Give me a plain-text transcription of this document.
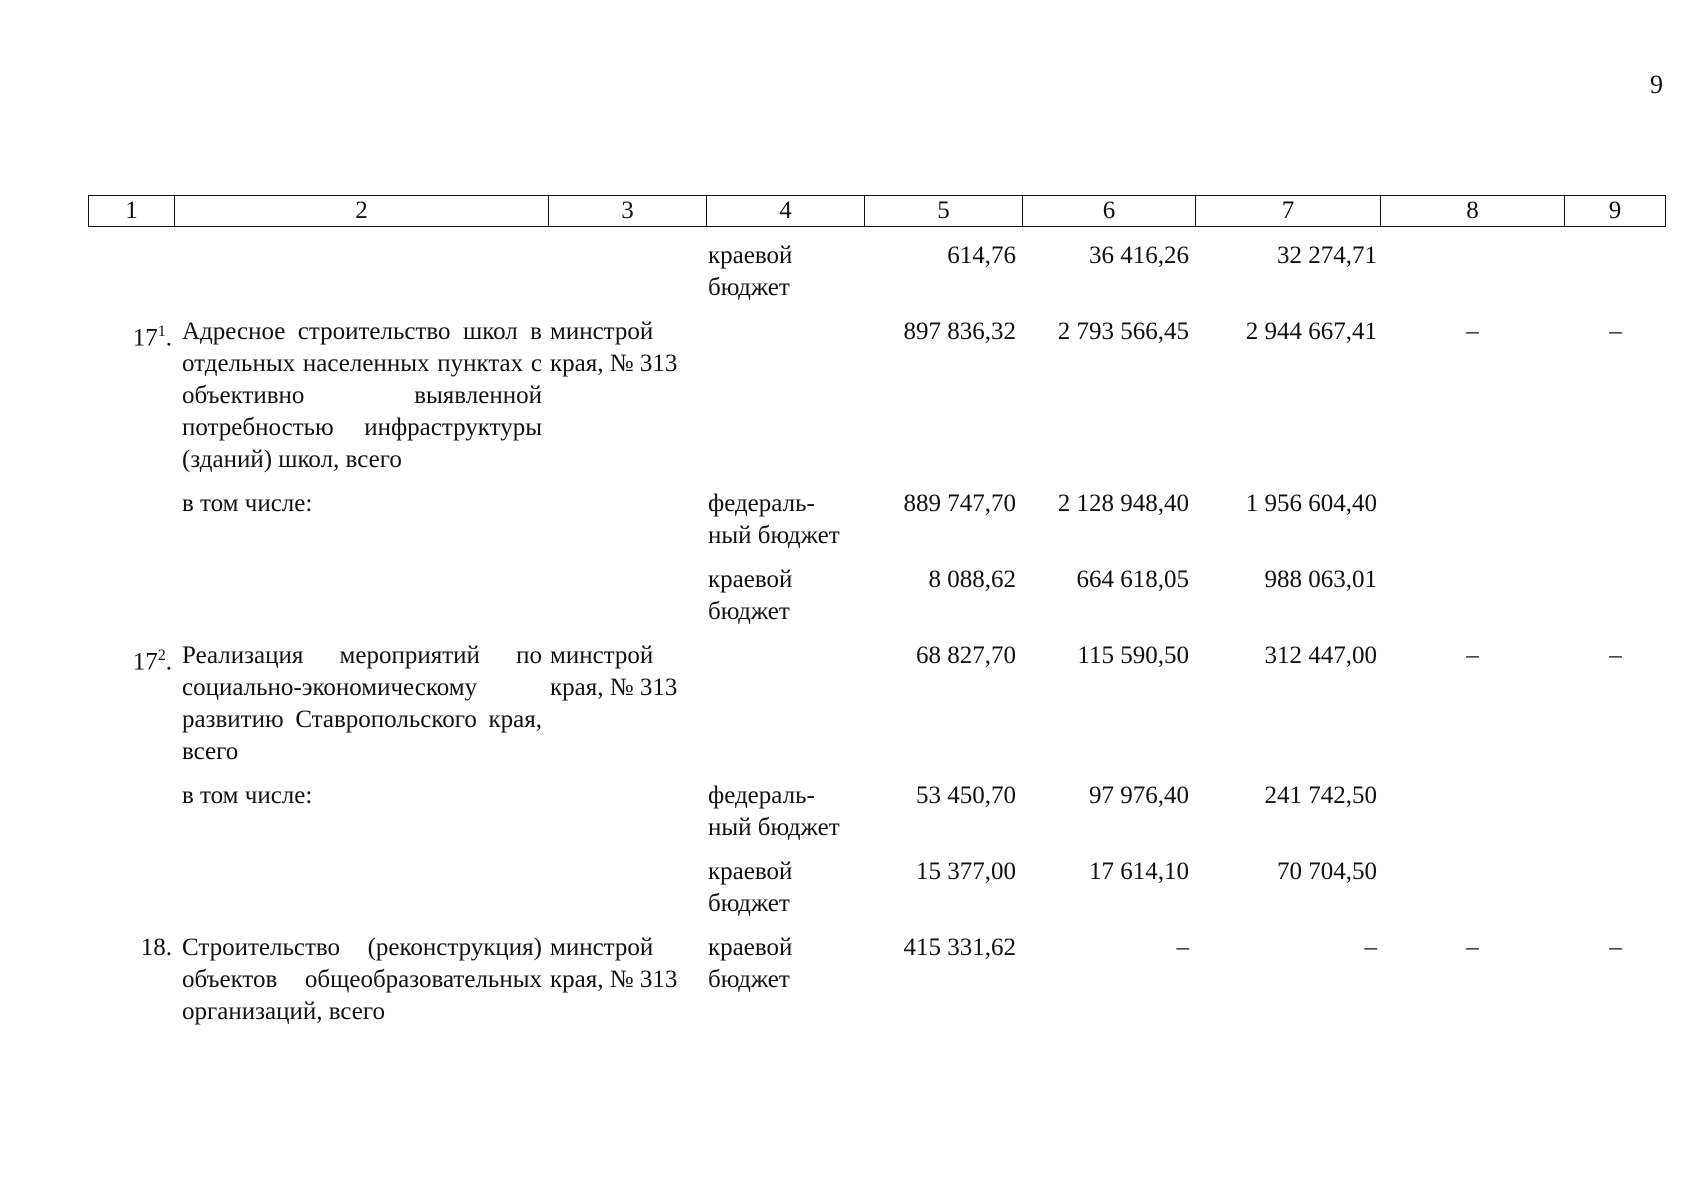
9
1	2	3	4	5	6	7	8	9
			краевой бюджет	614,76	36 416,26	32 274,71		
$17^1$.	Адресное строительство школ в отдельных населенных пунктах с объективно выявленной потребностью инфраструктуры (зданий) школ, всего	минстрой края, № 313		897 836,32	2 793 566,45	2 944 667,41	–	–
	в том числе:		федераль-ный бюджет	889 747,70	2 128 948,40	1 956 604,40		
			краевой бюджет	8 088,62	664 618,05	988 063,01		
$17^2$.	Реализация мероприятий по социально-экономическому развитию Ставропольского края, всего	минстрой края, № 313		68 827,70	115 590,50	312 447,00	–	–
	в том числе:		федераль-ный бюджет	53 450,70	97 976,40	241 742,50		
			краевой бюджет	15 377,00	17 614,10	70 704,50		
18.	Строительство (реконструкция) объектов общеобразовательных организаций, всего	минстрой края, № 313	краевой бюджет	415 331,62	–	–	–	–
